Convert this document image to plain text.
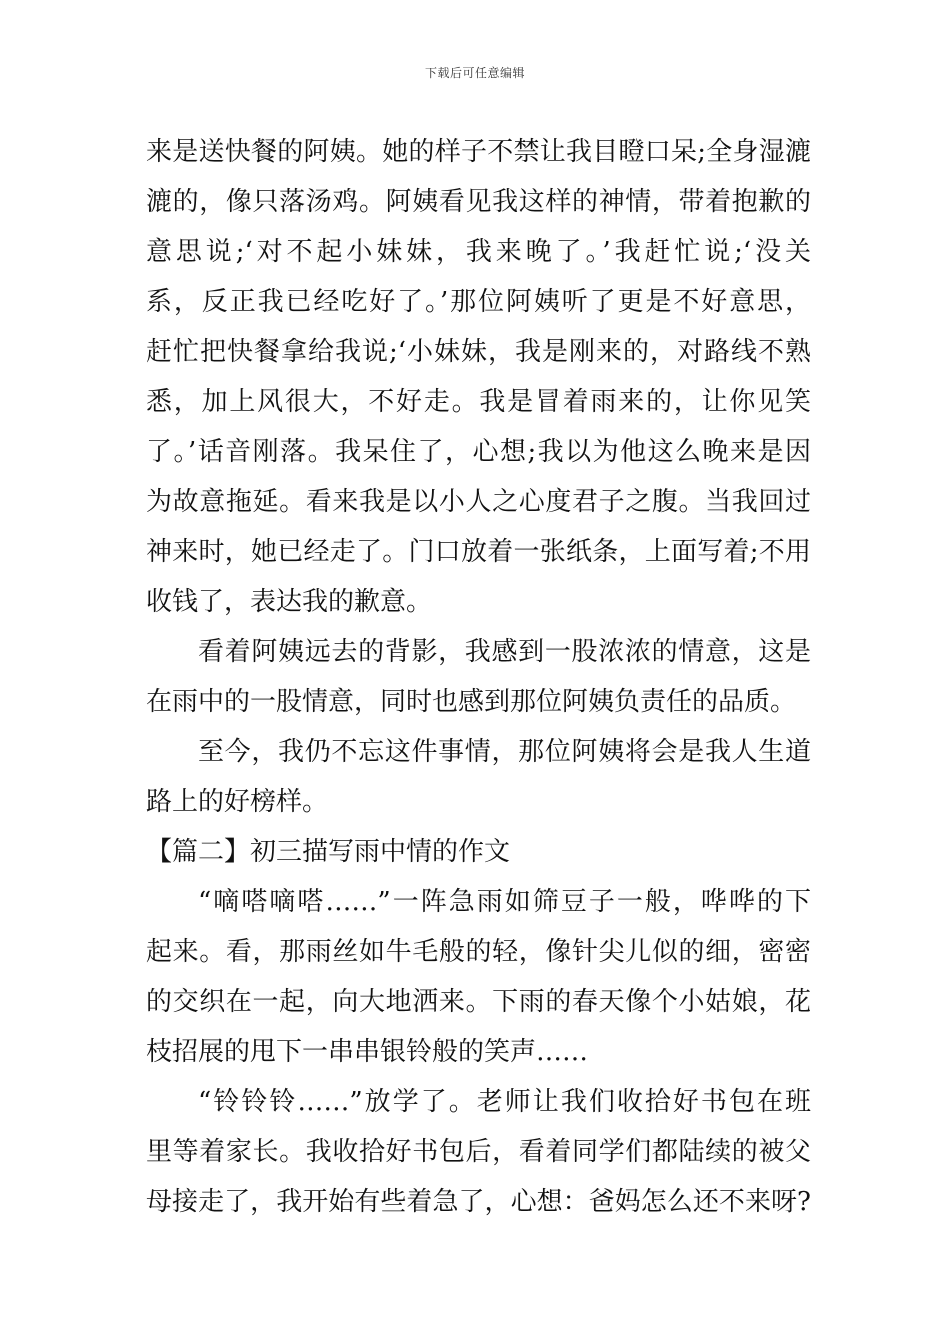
下载后可任意编辑
来是送快餐的阿姨。她的样子不禁让我目瞪口呆;全身湿漉
漉的，像只落汤鸡。阿姨看见我这样的神情，带着抱歉的
意思说;‘对不起小妹妹，我来晚了。’我赶忙说;‘没关
系，反正我已经吃好了。’那位阿姨听了更是不好意思，
赶忙把快餐拿给我说;‘小妹妹，我是刚来的，对路线不熟
悉，加上风很大，不好走。我是冒着雨来的，让你见笑
了。’话音刚落。我呆住了，心想;我以为他这么晚来是因
为故意拖延。看来我是以小人之心度君子之腹。当我回过
神来时，她已经走了。门口放着一张纸条，上面写着;不用
收钱了，表达我的歉意。
看着阿姨远去的背影，我感到一股浓浓的情意，这是
在雨中的一股情意，同时也感到那位阿姨负责任的品质。
至今，我仍不忘这件事情，那位阿姨将会是我人生道
路上的好榜样。
【篇二】初三描写雨中情的作文
“嘀嗒嘀嗒……”一阵急雨如筛豆子一般，哗哗的下
起来。看，那雨丝如牛毛般的轻，像针尖儿似的细，密密
的交织在一起，向大地洒来。下雨的春天像个小姑娘，花
枝招展的甩下一串串银铃般的笑声……
“铃铃铃……”放学了。老师让我们收拾好书包在班
里等着家长。我收拾好书包后，看着同学们都陆续的被父
母接走了，我开始有些着急了，心想：爸妈怎么还不来呀?
